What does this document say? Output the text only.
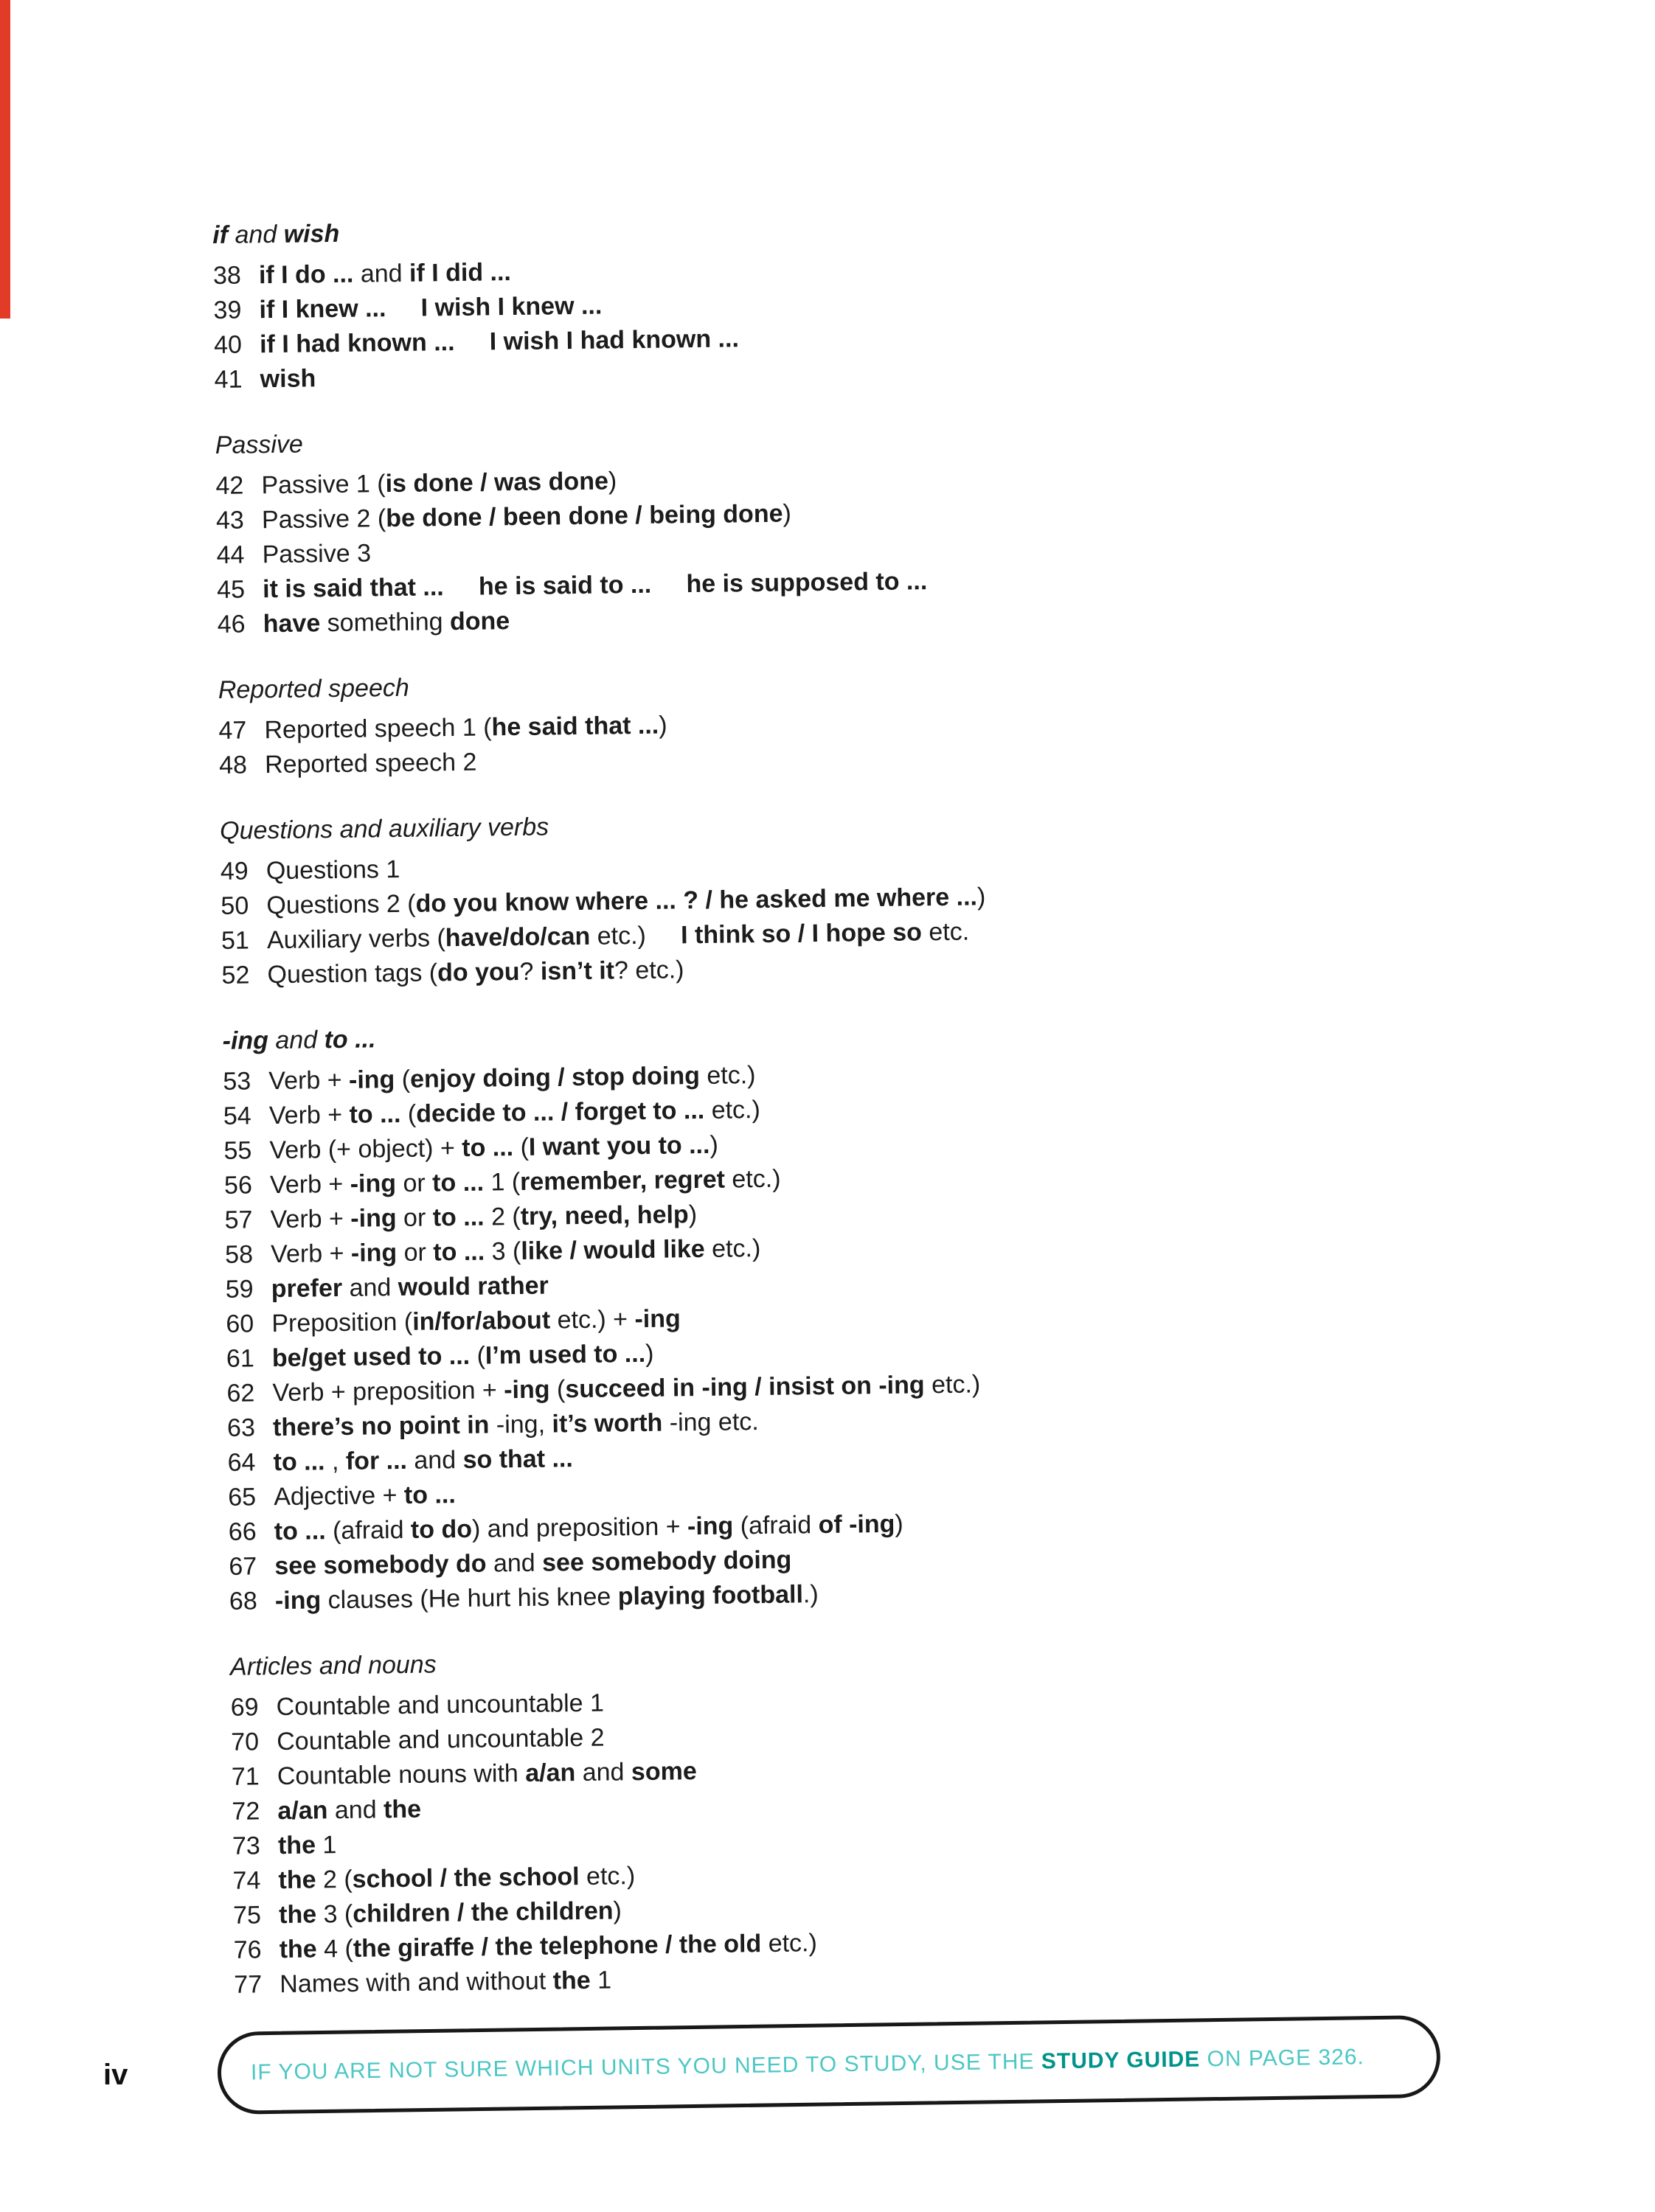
if and wish
38 if I do ... and if I did ...
39 if I knew ... I wish I knew ...
40 if I had known ... I wish I had known ...
41 wish
Passive
42 Passive 1 (is done / was done)
43 Passive 2 (be done / been done / being done)
44 Passive 3
45 it is said that ... he is said to ... he is supposed to ...
46 have something done
Reported speech
47 Reported speech 1 (he said that ...)
48 Reported speech 2
Questions and auxiliary verbs
49 Questions 1
50 Questions 2 (do you know where ... ? / he asked me where ...)
51 Auxiliary verbs (have/do/can etc.) I think so / I hope so etc.
52 Question tags (do you? isn’t it? etc.)
-ing and to ...
53 Verb + -ing (enjoy doing / stop doing etc.)
54 Verb + to ... (decide to ... / forget to ... etc.)
55 Verb (+ object) + to ... (I want you to ...)
56 Verb + -ing or to ... 1 (remember, regret etc.)
57 Verb + -ing or to ... 2 (try, need, help)
58 Verb + -ing or to ... 3 (like / would like etc.)
59 prefer and would rather
60 Preposition (in/for/about etc.) + -ing
61 be/get used to ... (I’m used to ...)
62 Verb + preposition + -ing (succeed in -ing / insist on -ing etc.)
63 there’s no point in -ing, it’s worth -ing etc.
64 to ... , for ... and so that ...
65 Adjective + to ...
66 to ... (afraid to do) and preposition + -ing (afraid of -ing)
67 see somebody do and see somebody doing
68 -ing clauses (He hurt his knee playing football.)
Articles and nouns
69 Countable and uncountable 1
70 Countable and uncountable 2
71 Countable nouns with a/an and some
72 a/an and the
73 the 1
74 the 2 (school / the school etc.)
75 the 3 (children / the children)
76 the 4 (the giraffe / the telephone / the old etc.)
77 Names with and without the 1
iv	IF YOU ARE NOT SURE WHICH UNITS YOU NEED TO STUDY, USE THE STUDY GUIDE ON PAGE 326.
